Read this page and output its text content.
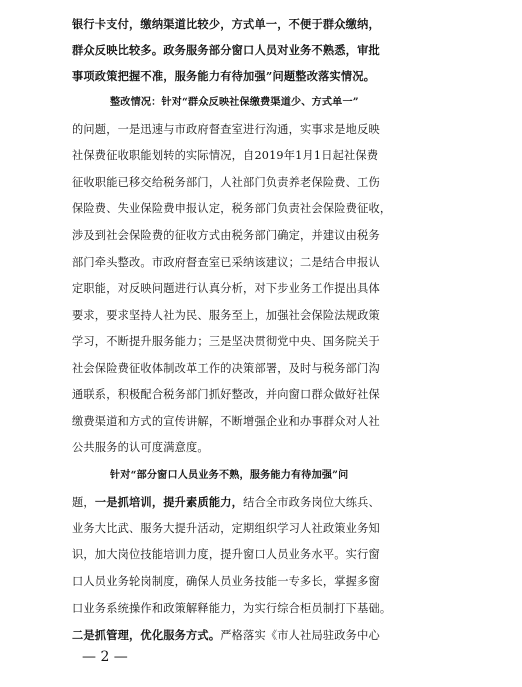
银行卡支付，缴纳渠道比较少，方式单一，不便于群众缴纳，
群众反映比较多。政务服务部分窗口人员对业务不熟悉，审批
事项政策把握不准，服务能力有待加强”问题整改落实情况。
整改情况：针对“群众反映社保缴费渠道少、方式单一”
的问题，一是迅速与市政府督查室进行沟通，实事求是地反映
社保费征收职能划转的实际情况，自2019年1月1日起社保费
征收职能已移交给税务部门，人社部门负责养老保险费、工伤
保险费、失业保险费申报认定，税务部门负责社会保险费征收，
涉及到社会保险费的征收方式由税务部门确定，并建议由税务
部门牵头整改。市政府督查室已采纳该建议；二是结合申报认
定职能，对反映问题进行认真分析，对下步业务工作提出具体
要求，要求坚持人社为民、服务至上，加强社会保险法规政策
学习，不断提升服务能力；三是坚决贯彻党中央、国务院关于
社会保险费征收体制改革工作的决策部署，及时与税务部门沟
通联系，积极配合税务部门抓好整改，并向窗口群众做好社保
缴费渠道和方式的宣传讲解，不断增强企业和办事群众对人社
公共服务的认可度满意度。
针对“部分窗口人员业务不熟，服务能力有待加强”问
题，一是抓培训，提升素质能力，结合全市政务岗位大练兵、
业务大比武、服务大提升活动，定期组织学习人社政策业务知
识，加大岗位技能培训力度，提升窗口人员业务水平。实行窗
口人员业务轮岗制度，确保人员业务技能一专多长，掌握多窗
口业务系统操作和政策解释能力，为实行综合柜员制打下基础。
二是抓管理，优化服务方式。严格落实《市人社局驻政务中心
— 2 —
